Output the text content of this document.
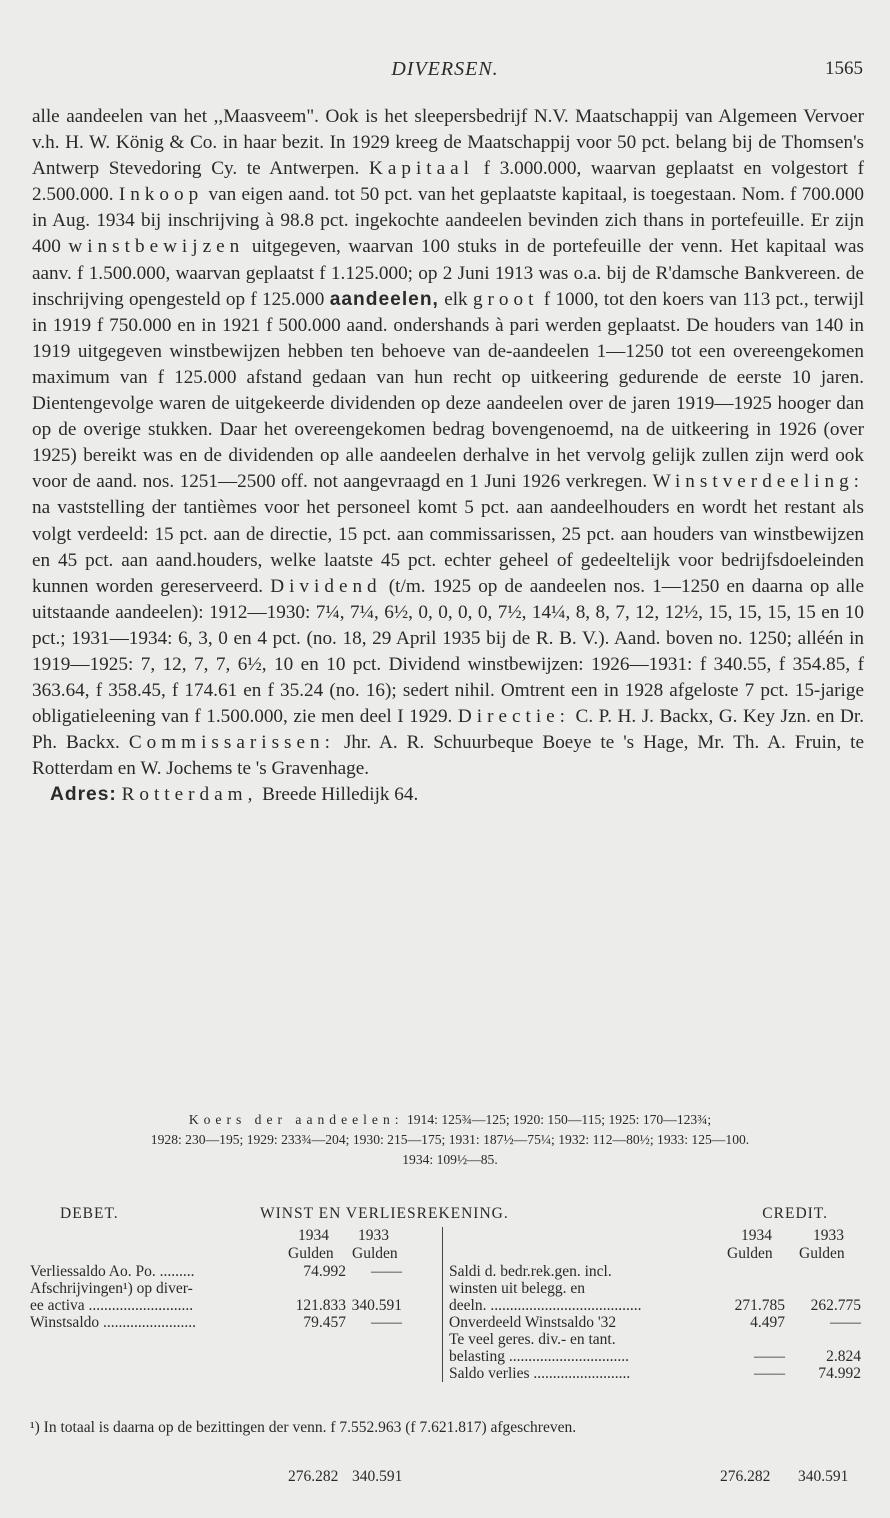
DIVERSEN.	1565

alle aandeelen van het ,,Maasveem". Ook is het sleepersbedrijf N.V. Maatschappij van Algemeen Vervoer v.h. H. W. König & Co. in haar bezit. In 1929 kreeg de Maatschappij voor 50 pct. belang bij de Thomsen's Antwerp Stevedoring Cy. te Antwerpen. Kapitaal f 3.000.000, waarvan geplaatst en volgestort f 2.500.000. Inkoop van eigen aand. tot 50 pct. van het geplaatste kapitaal, is toegestaan. Nom. f 700.000 in Aug. 1934 bij inschrijving à 98.8 pct. ingekochte aandeelen bevinden zich thans in portefeuille. Er zijn 400 winstbewijzen uitgegeven, waarvan 100 stuks in de portefeuille der venn. Het kapitaal was aanv. f 1.500.000, waarvan geplaatst f 1.125.000; op 2 Juni 1913 was o.a. bij de R'damsche Bankvereen. de inschrijving opengesteld op f 125.000 aandeelen, elk groot f 1000, tot den koers van 113 pct., terwijl in 1919 f 750.000 en in 1921 f 500.000 aand. ondershands à pari werden geplaatst. De houders van 140 in 1919 uitgegeven winstbewijzen hebben ten behoeve van de-aandeelen 1—1250 tot een overeengekomen maximum van f 125.000 afstand gedaan van hun recht op uitkeering gedurende de eerste 10 jaren. Dientengevolge waren de uitgekeerde dividenden op deze aandeelen over de jaren 1919—1925 hooger dan op de overige stukken. Daar het overeengekomen bedrag bovengenoemd, na de uitkeering in 1926 (over 1925) bereikt was en de dividenden op alle aandeelen derhalve in het vervolg gelijk zullen zijn werd ook voor de aand. nos. 1251—2500 off. not aangevraagd en 1 Juni 1926 verkregen. Winstverdeeling: na vaststelling der tantièmes voor het personeel komt 5 pct. aan aandeelhouders en wordt het restant als volgt verdeeld: 15 pct. aan de directie, 15 pct. aan commissarissen, 25 pct. aan houders van winstbewijzen en 45 pct. aan aand.houders, welke laatste 45 pct. echter geheel of gedeeltelijk voor bedrijfsdoeleinden kunnen worden gereserveerd. Dividend (t/m. 1925 op de aandeelen nos. 1—1250 en daarna op alle uitstaande aandeelen): 1912—1930: 7¼, 7¼, 6½, 0, 0, 0, 0, 7½, 14¼, 8, 8, 7, 12, 12½, 15, 15, 15, 15 en 10 pct.; 1931—1934: 6, 3, 0 en 4 pct. (no. 18, 29 April 1935 bij de R. B. V.). Aand. boven no. 1250; alléén in 1919—1925: 7, 12, 7, 7, 6½, 10 en 10 pct. Dividend winstbewijzen: 1926—1931: f 340.55, f 354.85, f 363.64, f 358.45, f 174.61 en f 35.24 (no. 16); sedert nihil. Omtrent een in 1928 afgeloste 7 pct. 15-jarige obligatieleening van f 1.500.000, zie men deel I 1929. Directie: C. P. H. J. Backx, G. Key Jzn. en Dr. Ph. Backx. Commissarissen: Jhr. A. R. Schuurbeque Boeye te 's Hage, Mr. Th. A. Fruin, te Rotterdam en W. Jochems te 's Gravenhage.

Adres: Rotterdam, Breede Hilledijk 64.

Koers der aandeelen: 1914: 125¾—125; 1920: 150—115; 1925: 170—123¾;
1928: 230—195; 1929: 233¾—204; 1930: 215—175; 1931: 187½—75¼; 1932: 112—80½; 1933: 125—100.
1934: 109½—85.
DEBET.	WINST EN VERLIESREKENING.	CREDIT.
1934 1933
Gulden Gulden
Verliessaldo Ao. Po. .........	74.992	——
Afschrijvingen¹) op diver-
ee activa ...........................	121.833 340.591
Winstsaldo ........................	79.457	——
1934	1933
Gulden Gulden
Saldi d. bedr.rek.gen. incl.
winsten uit belegg. en
deeln. .......................................	271.785	262.775
Onverdeeld Winstsaldo '32	4.497	——
Te veel geres. div.- en tant.
belasting ...............................	——	2.824
Saldo verlies .........................	——	74.992
276.282 340.591	276.282 340.591
¹) In totaal is daarna op de bezittingen der venn. f 7.552.963 (f 7.621.817) afgeschreven.
